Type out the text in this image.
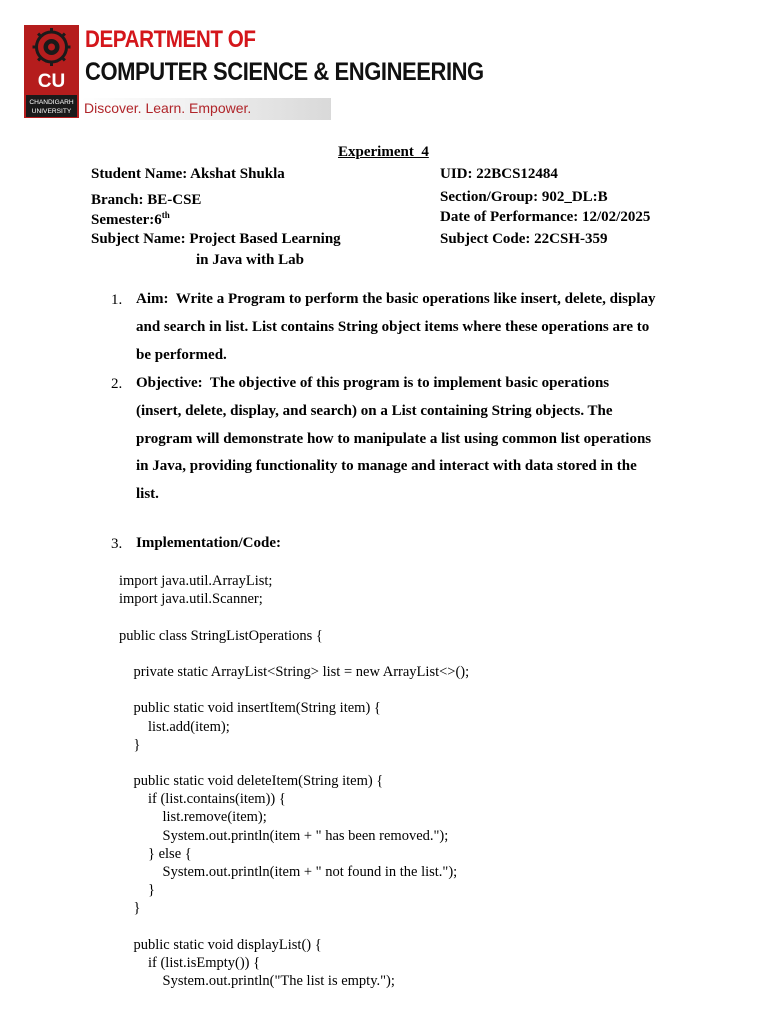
CU
CHANDIGARH
UNIVERSITY
DEPARTMENT OF
COMPUTER SCIENCE & ENGINEERING
Discover. Learn. Empower.
Experiment  4
Student Name: Akshat Shukla	UID: 22BCS12484
Branch: BE-CSE	Section/Group: 902_DL:B
Semester:6th	Date of Performance: 12/02/2025
Subject Name: Project Based Learning	Subject Code: 22CSH-359
in Java with Lab
1. Aim: Write a Program to perform the basic operations like insert, delete, display and search in list. List contains String object items where these operations are to be performed.
2. Objective: The objective of this program is to implement basic operations (insert, delete, display, and search) on a List containing String objects. The program will demonstrate how to manipulate a list using common list operations in Java, providing functionality to manage and interact with data stored in the list.
3. Implementation/Code:
import java.util.ArrayList;
import java.util.Scanner;
public class StringListOperations {
private static ArrayList<String> list = new ArrayList<>();
public static void insertItem(String item) {
list.add(item);
}
public static void deleteItem(String item) {
if (list.contains(item)) {
list.remove(item);
System.out.println(item + " has been removed.");
} else {
System.out.println(item + " not found in the list.");
}
}
public static void displayList() {
if (list.isEmpty()) {
System.out.println("The list is empty.");
